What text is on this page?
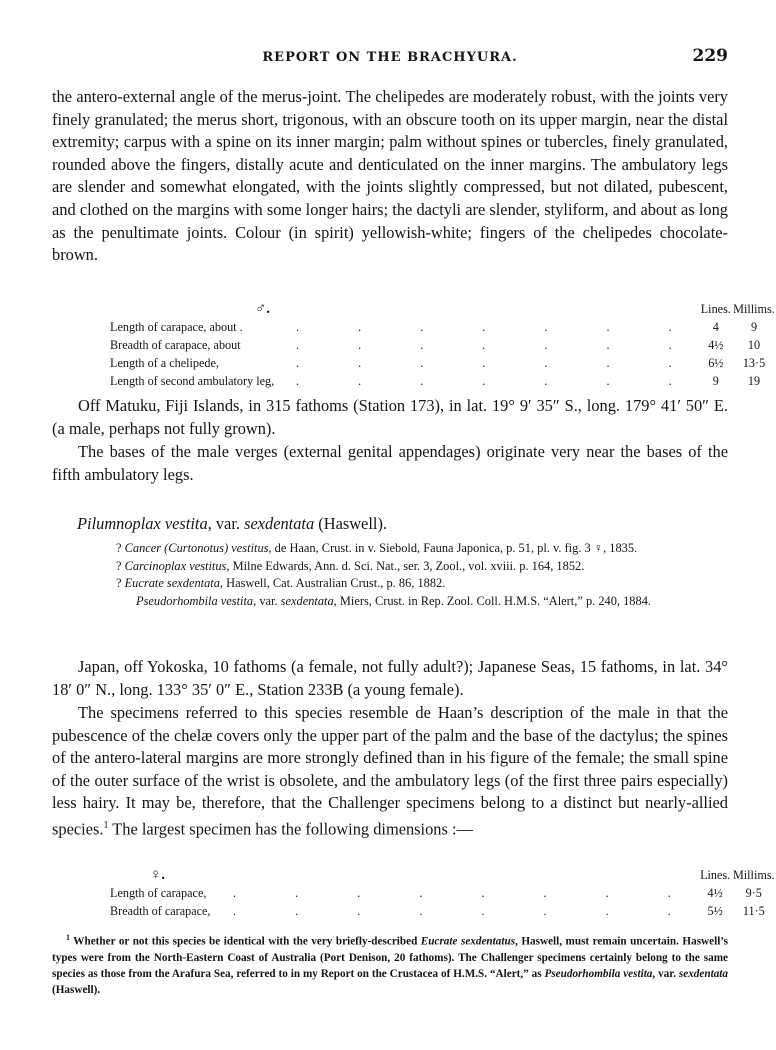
REPORT ON THE BRACHYURA.	229

the antero-external angle of the merus-joint. The chelipedes are moderately robust, with the joints very finely granulated; the merus short, trigonous, with an obscure tooth on its upper margin, near the distal extremity; carpus with a spine on its inner margin; palm without spines or tubercles, finely granulated, rounded above the fingers, distally acute and denticulated on the inner margins. The ambulatory legs are slender and somewhat elongated, with the joints slightly compressed, but not dilated, pubescent, and clothed on the margins with some longer hairs; the dactyli are slender, styliform, and about as long as the penultimate joints. Colour (in spirit) yellowish-white; fingers of the chelipedes chocolate-brown.

♂.		Lines.	Millims.
Length of carapace, about .	. . . . . . .	4	9
Breadth of carapace, about	. . . . . . .	4½	10
Length of a chelipede,	. . . . . . .	6½	13·5
Length of second ambulatory leg,	. . . . . . .	9	19

Off Matuku, Fiji Islands, in 315 fathoms (Station 173), in lat. 19° 9′ 35″ S., long. 179° 41′ 50″ E. (a male, perhaps not fully grown).

The bases of the male verges (external genital appendages) originate very near the bases of the fifth ambulatory legs.

Pilumnoplax vestita, var. sexdentata (Haswell).

? Cancer (Curtonotus) vestitus, de Haan, Crust. in v. Siebold, Fauna Japonica, p. 51, pl. v. fig. 3 ♀, 1835.

? Carcinoplax vestitus, Milne Edwards, Ann. d. Sci. Nat., ser. 3, Zool., vol. xviii. p. 164, 1852.

? Eucrate sexdentata, Haswell, Cat. Australian Crust., p. 86, 1882.

Pseudorhombila vestita, var. sexdentata, Miers, Crust. in Rep. Zool. Coll. H.M.S. “Alert,” p. 240, 1884.

Japan, off Yokoska, 10 fathoms (a female, not fully adult?); Japanese Seas, 15 fathoms, in lat. 34° 18′ 0″ N., long. 133° 35′ 0″ E., Station 233B (a young female).

The specimens referred to this species resemble de Haan’s description of the male in that the pubescence of the chelæ covers only the upper part of the palm and the base of the dactylus; the spines of the antero-lateral margins are more strongly defined than in his figure of the female; the small spine of the outer surface of the wrist is obsolete, and the ambulatory legs (of the first three pairs especially) less hairy. It may be, therefore, that the Challenger specimens belong to a distinct but nearly-allied species.$^1$ The largest specimen has the following dimensions :—

♀.		Lines.	Millims.
Length of carapace,	. . . . . . . .	4½	9·5
Breadth of carapace,	. . . . . . . .	5½	11·5

$^1$ Whether or not this species be identical with the very briefly-described Eucrate sexdentatus, Haswell, must remain uncertain. Haswell’s types were from the North-Eastern Coast of Australia (Port Denison, 20 fathoms). The Challenger specimens certainly belong to the same species as those from the Arafura Sea, referred to in my Report on the Crustacea of H.M.S. “Alert,” as Pseudorhombila vestita, var. sexdentata (Haswell).
